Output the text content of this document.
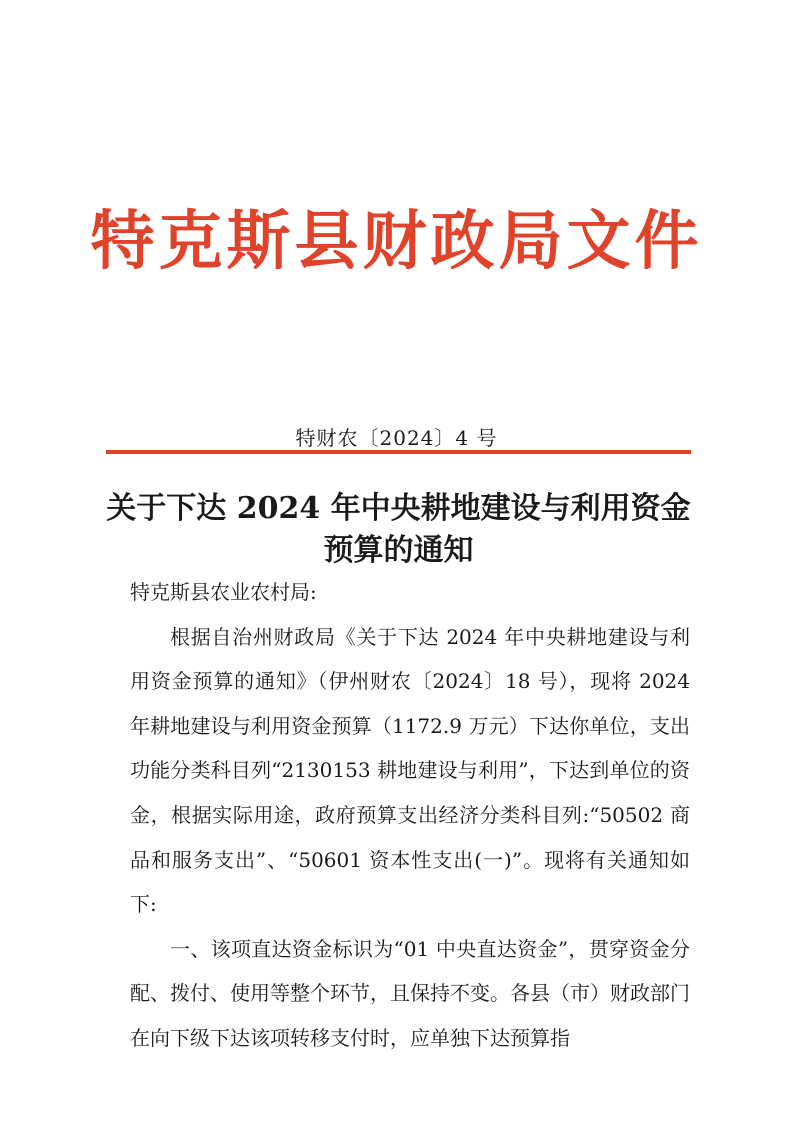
特克斯县财政局文件
特财农〔2024〕4 号
关于下达 2024 年中央耕地建设与利用资金
预算的通知

特克斯县农业农村局:

根据自治州财政局《关于下达 2024 年中央耕地建设与利用资金预算的通知》（伊州财农〔2024〕18 号），现将 2024 年耕地建设与利用资金预算（1172.9 万元）下达你单位，支出功能分类科目列“2130153 耕地建设与利用”，下达到单位的资金，根据实际用途，政府预算支出经济分类科目列:“50502 商品和服务支出”、“50601 资本性支出(一)”。现将有关通知如下:

一、该项直达资金标识为“01 中央直达资金”，贯穿资金分配、拨付、使用等整个环节，且保持不变。各县（市）财政部门在向下级下达该项转移支付时，应单独下达预算指
